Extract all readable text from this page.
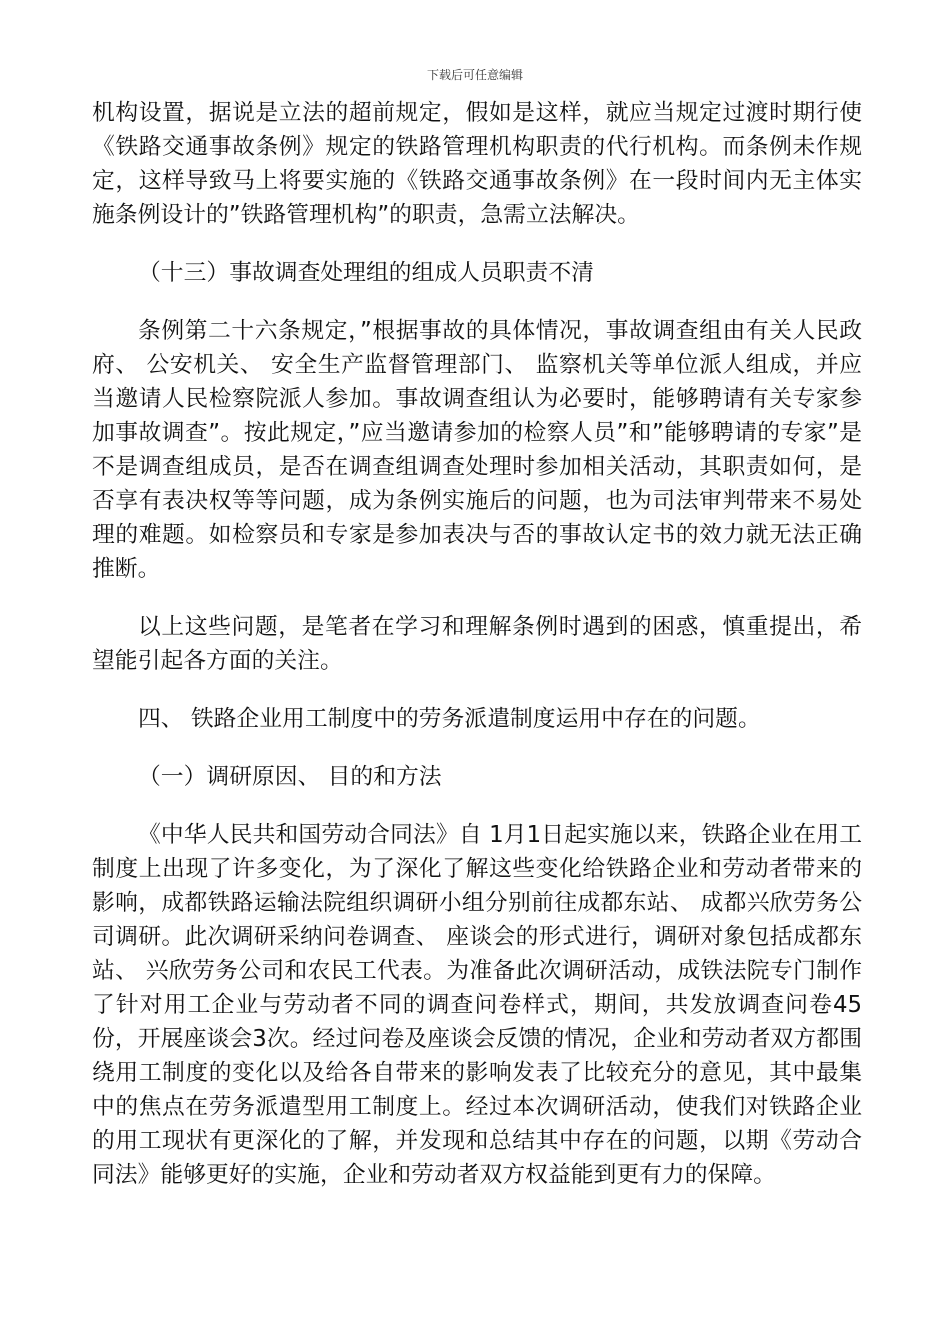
下载后可任意编辑

机构设置，据说是立法的超前规定，假如是这样，就应当规定过渡时期行使《铁路交通事故条例》规定的铁路管理机构职责的代行机构。而条例未作规定，这样导致马上将要实施的《铁路交通事故条例》在一段时间内无主体实施条例设计的”铁路管理机构”的职责，急需立法解决。

（十三）事故调查处理组的组成人员职责不清

条例第二十六条规定，”根据事故的具体情况，事故调查组由有关人民政府、 公安机关、 安全生产监督管理部门、 监察机关等单位派人组成，并应当邀请人民检察院派人参加。事故调查组认为必要时，能够聘请有关专家参加事故调查”。按此规定，”应当邀请参加的检察人员”和”能够聘请的专家”是不是调查组成员，是否在调查组调查处理时参加相关活动，其职责如何，是否享有表决权等等问题，成为条例实施后的问题，也为司法审判带来不易处理的难题。如检察员和专家是参加表决与否的事故认定书的效力就无法正确推断。

以上这些问题，是笔者在学习和理解条例时遇到的困惑，慎重提出，希望能引起各方面的关注。

四、 铁路企业用工制度中的劳务派遣制度运用中存在的问题。

（一）调研原因、 目的和方法

《中华人民共和国劳动合同法》自 1月1日起实施以来，铁路企业在用工制度上出现了许多变化，为了深化了解这些变化给铁路企业和劳动者带来的影响，成都铁路运输法院组织调研小组分别前往成都东站、 成都兴欣劳务公司调研。此次调研采纳问卷调查、 座谈会的形式进行，调研对象包括成都东站、 兴欣劳务公司和农民工代表。为准备此次调研活动，成铁法院专门制作了针对用工企业与劳动者不同的调查问卷样式，期间，共发放调查问卷45份，开展座谈会3次。经过问卷及座谈会反馈的情况，企业和劳动者双方都围绕用工制度的变化以及给各自带来的影响发表了比较充分的意见，其中最集中的焦点在劳务派遣型用工制度上。经过本次调研活动，使我们对铁路企业的用工现状有更深化的了解，并发现和总结其中存在的问题，以期《劳动合同法》能够更好的实施，企业和劳动者双方权益能到更有力的保障。
